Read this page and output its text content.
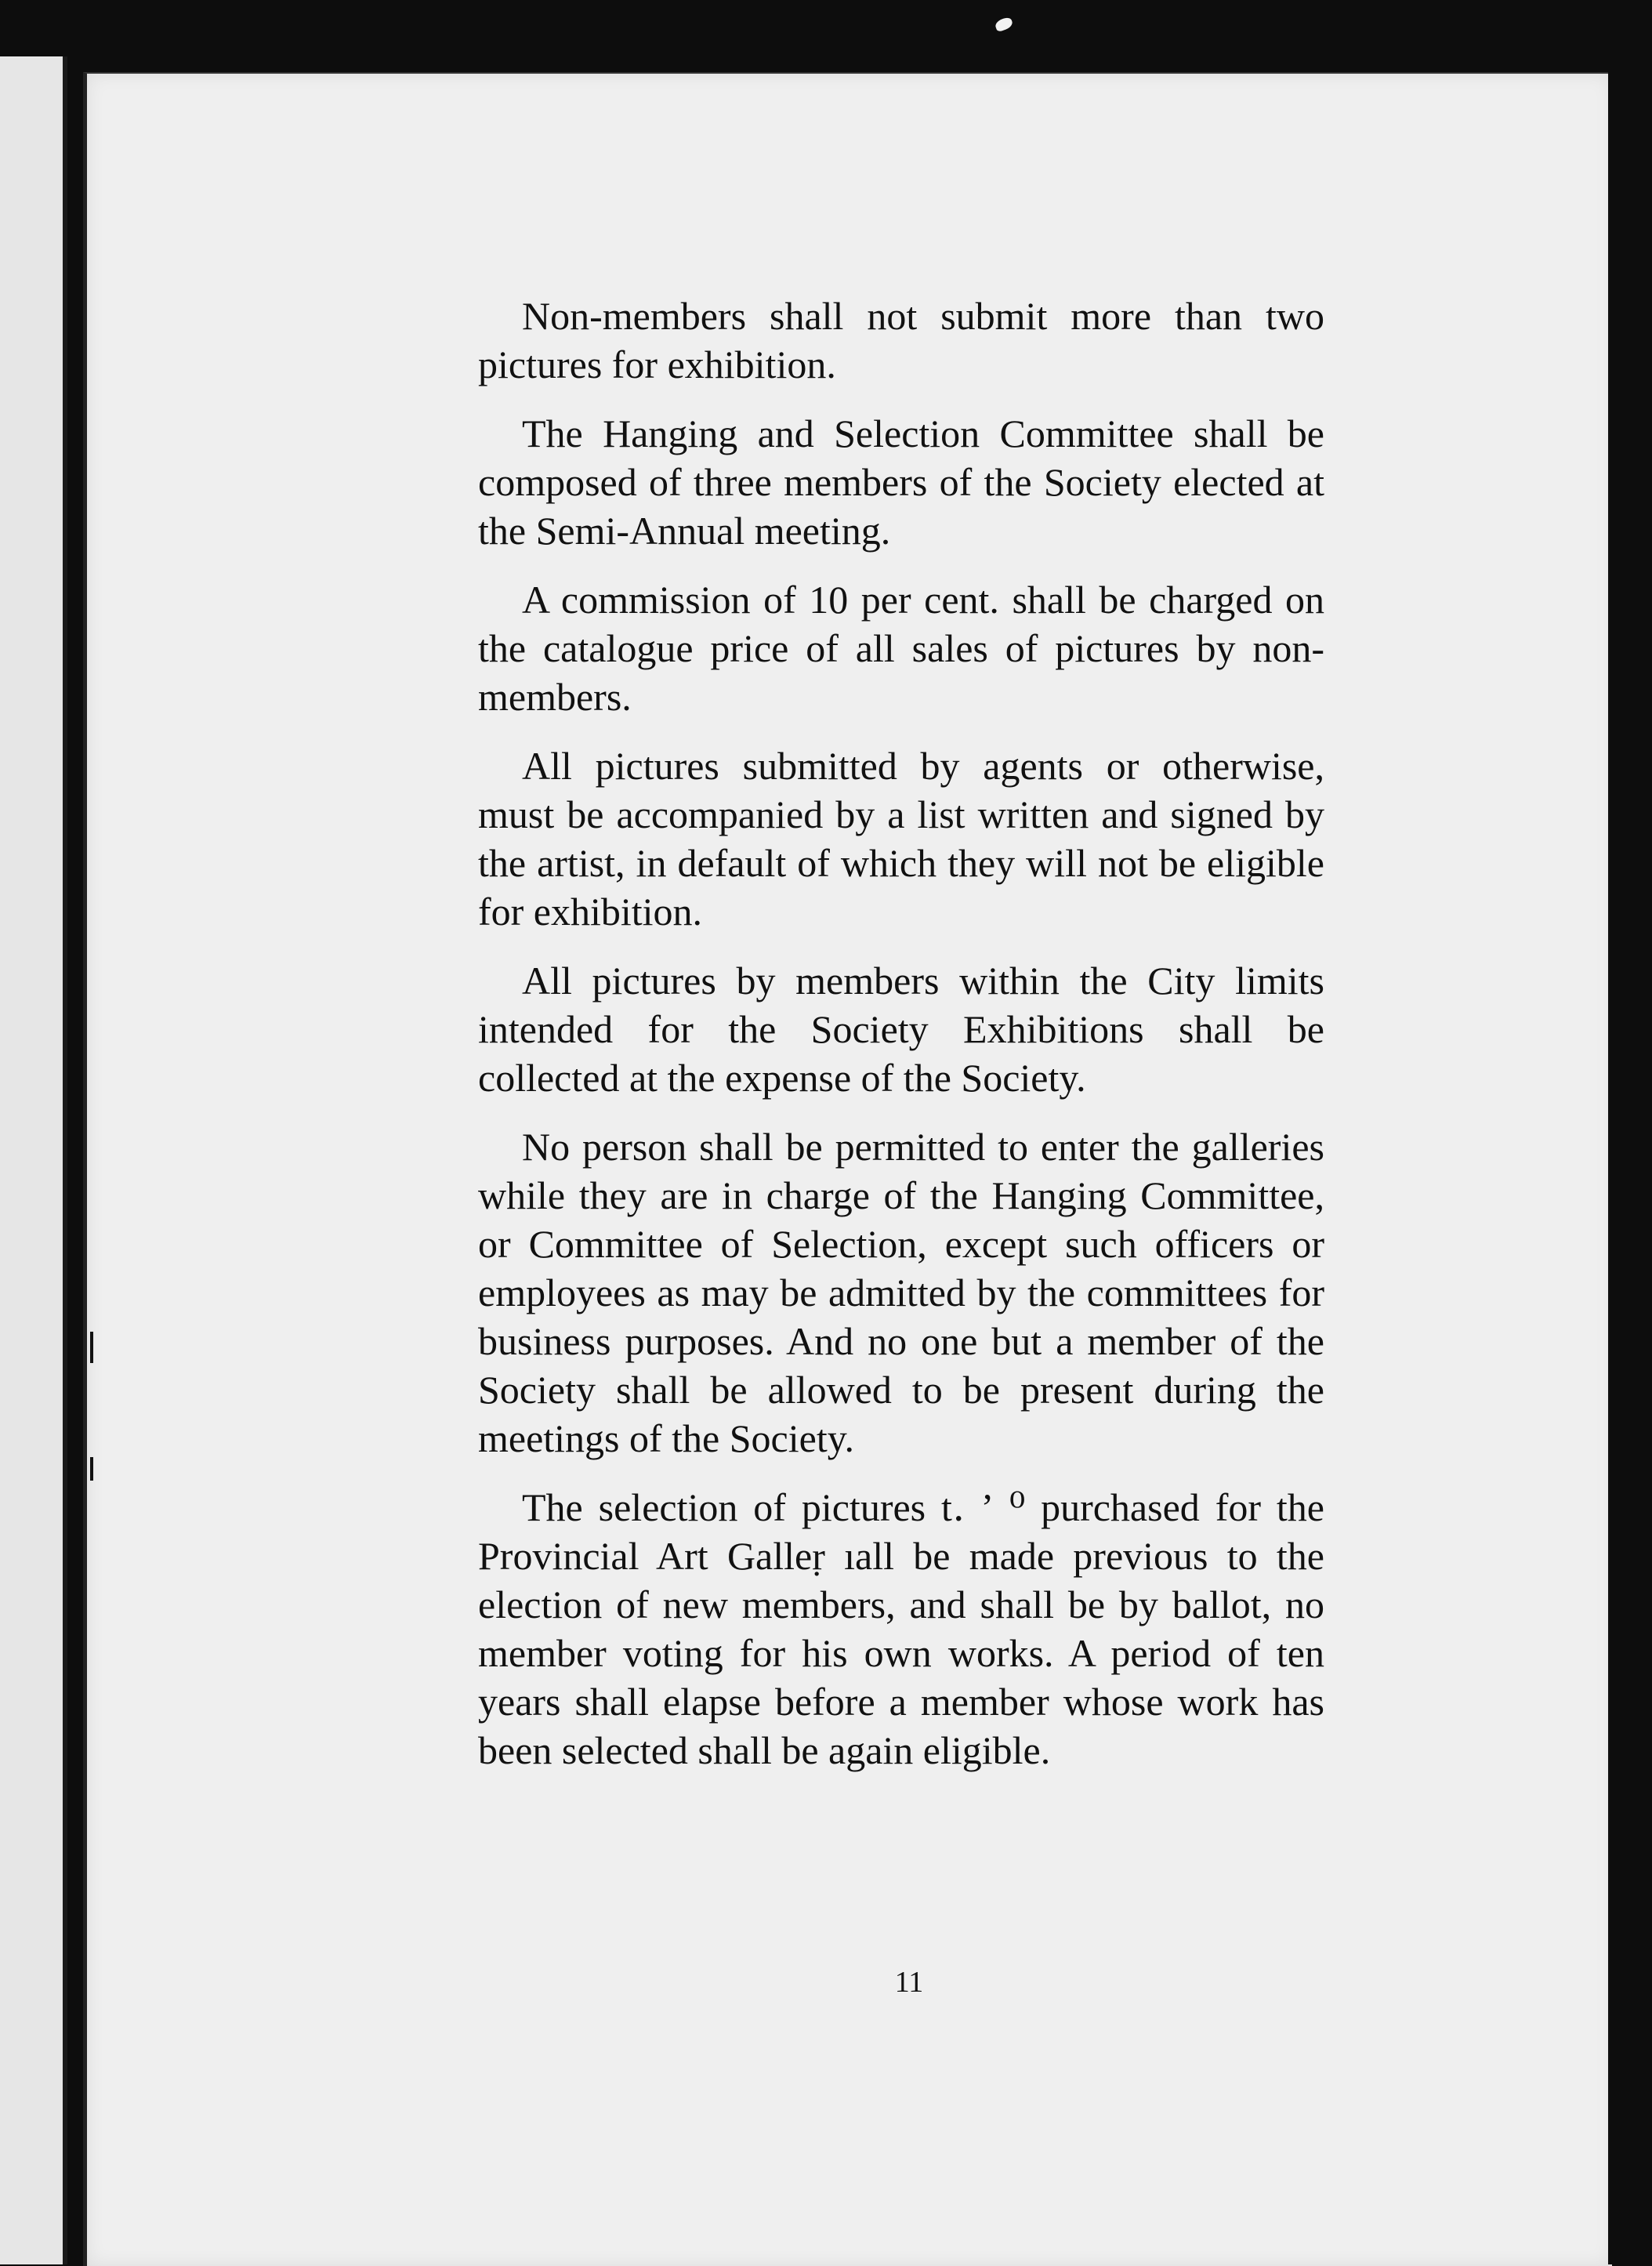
Non-members shall not submit more than two pictures for exhibition.

The Hanging and Selection Committee shall be composed of three members of the Society elected at the Semi-Annual meeting.

A commission of 10 per cent. shall be charged on the catalogue price of all sales of pictures by non-members.

All pictures submitted by agents or otherwise, must be accompanied by a list written and signed by the artist, in default of which they will not be eligible for exhibition.

All pictures by members within the City limits intended for the Society Exhibitions shall be collected at the expense of the Society.

No person shall be permitted to enter the galleries while they are in charge of the Hanging Committee, or Committee of Selection, except such officers or employees as may be admitted by the committees for business purposes. And no one but a member of the Society shall be allowed to be present during the meetings of the Society.

The selection of pictures t․ ʼ ⁰ purchased for the Provincial Art Galleṛ ıall be made previous to the election of new members, and shall be by ballot, no member voting for his own works. A period of ten years shall elapse before a member whose work has been selected shall be again eligible.

11
